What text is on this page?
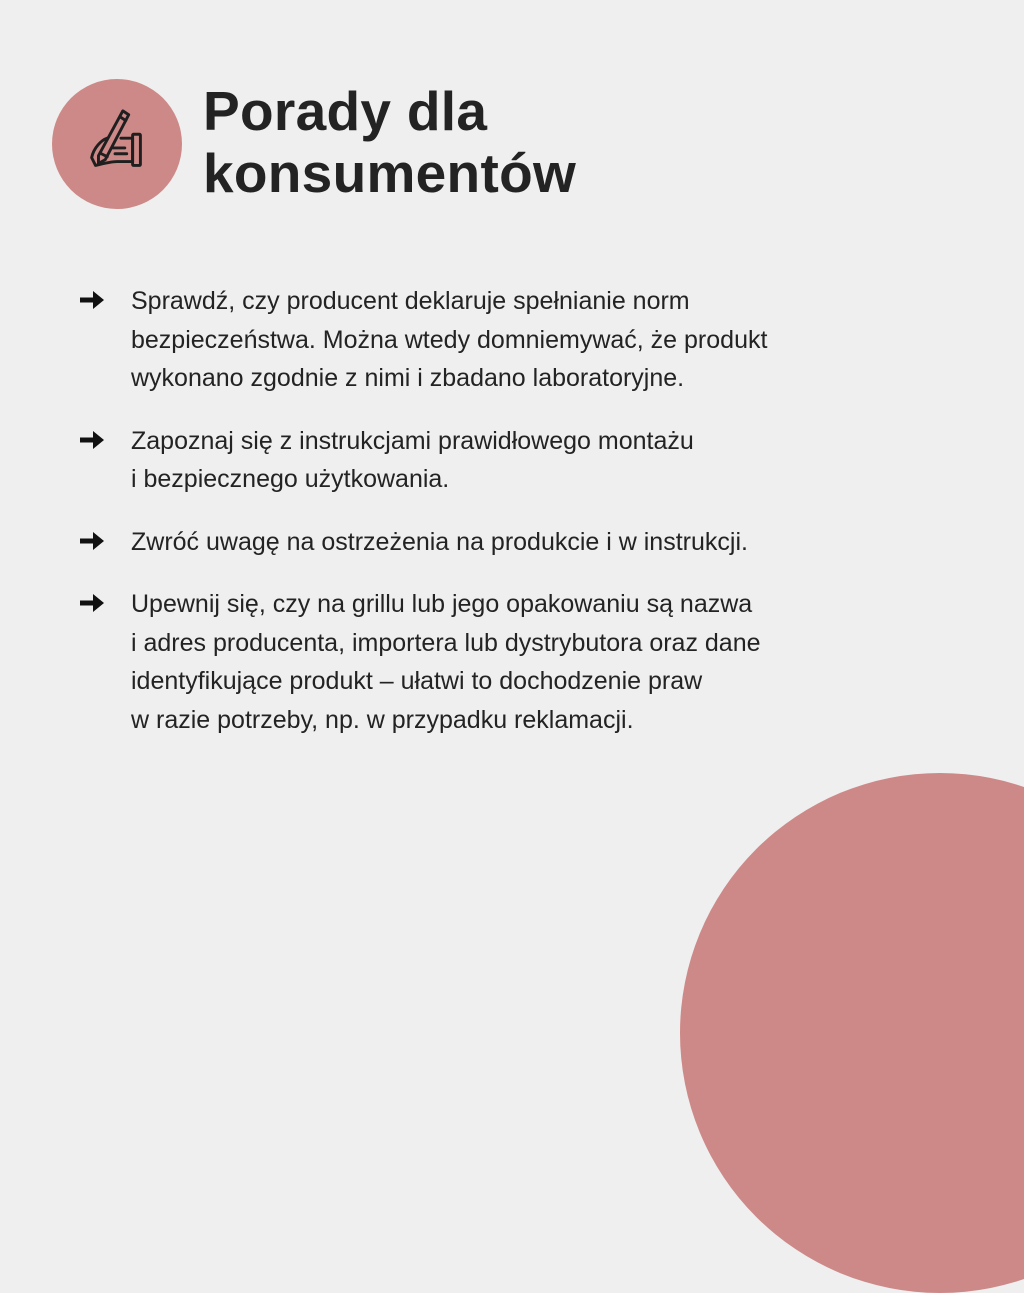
Porady dla
konsumentów
Sprawdź, czy producent deklaruje spełnianie norm
bezpieczeństwa. Można wtedy domniemywać, że produkt
wykonano zgodnie z nimi i zbadano laboratoryjne.
Zapoznaj się z instrukcjami prawidłowego montażu
i bezpiecznego użytkowania.
Zwróć uwagę na ostrzeżenia na produkcie i w instrukcji.
Upewnij się, czy na grillu lub jego opakowaniu są nazwa
i adres producenta, importera lub dystrybutora oraz dane
identyfikujące produkt – ułatwi to dochodzenie praw
w razie potrzeby, np. w przypadku reklamacji.
